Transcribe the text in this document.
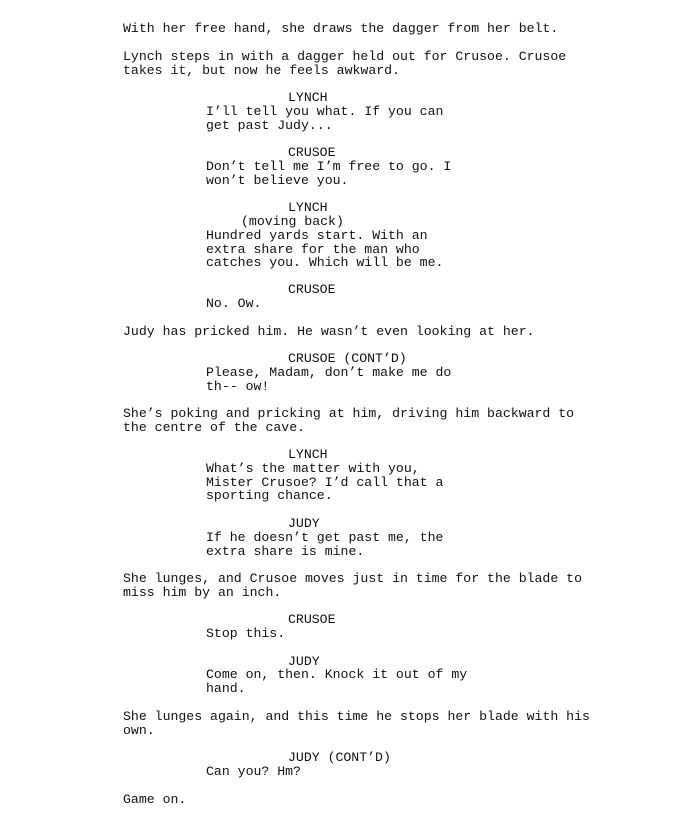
With her free hand, she draws the dagger from her belt.
Lynch steps in with a dagger held out for Crusoe. Crusoe
takes it, but now he feels awkward.
LYNCH
I’ll tell you what. If you can
get past Judy...
CRUSOE
Don’t tell me I’m free to go. I
won’t believe you.
LYNCH
(moving back)
Hundred yards start. With an
extra share for the man who
catches you. Which will be me.
CRUSOE
No. Ow.
Judy has pricked him. He wasn’t even looking at her.
CRUSOE (CONT’D)
Please, Madam, don’t make me do
th-- ow!
She’s poking and pricking at him, driving him backward to
the centre of the cave.
LYNCH
What’s the matter with you,
Mister Crusoe? I’d call that a
sporting chance.
JUDY
If he doesn’t get past me, the
extra share is mine.
She lunges, and Crusoe moves just in time for the blade to
miss him by an inch.
CRUSOE
Stop this.
JUDY
Come on, then. Knock it out of my
hand.
She lunges again, and this time he stops her blade with his
own.
JUDY (CONT’D)
Can you? Hm?
Game on.
